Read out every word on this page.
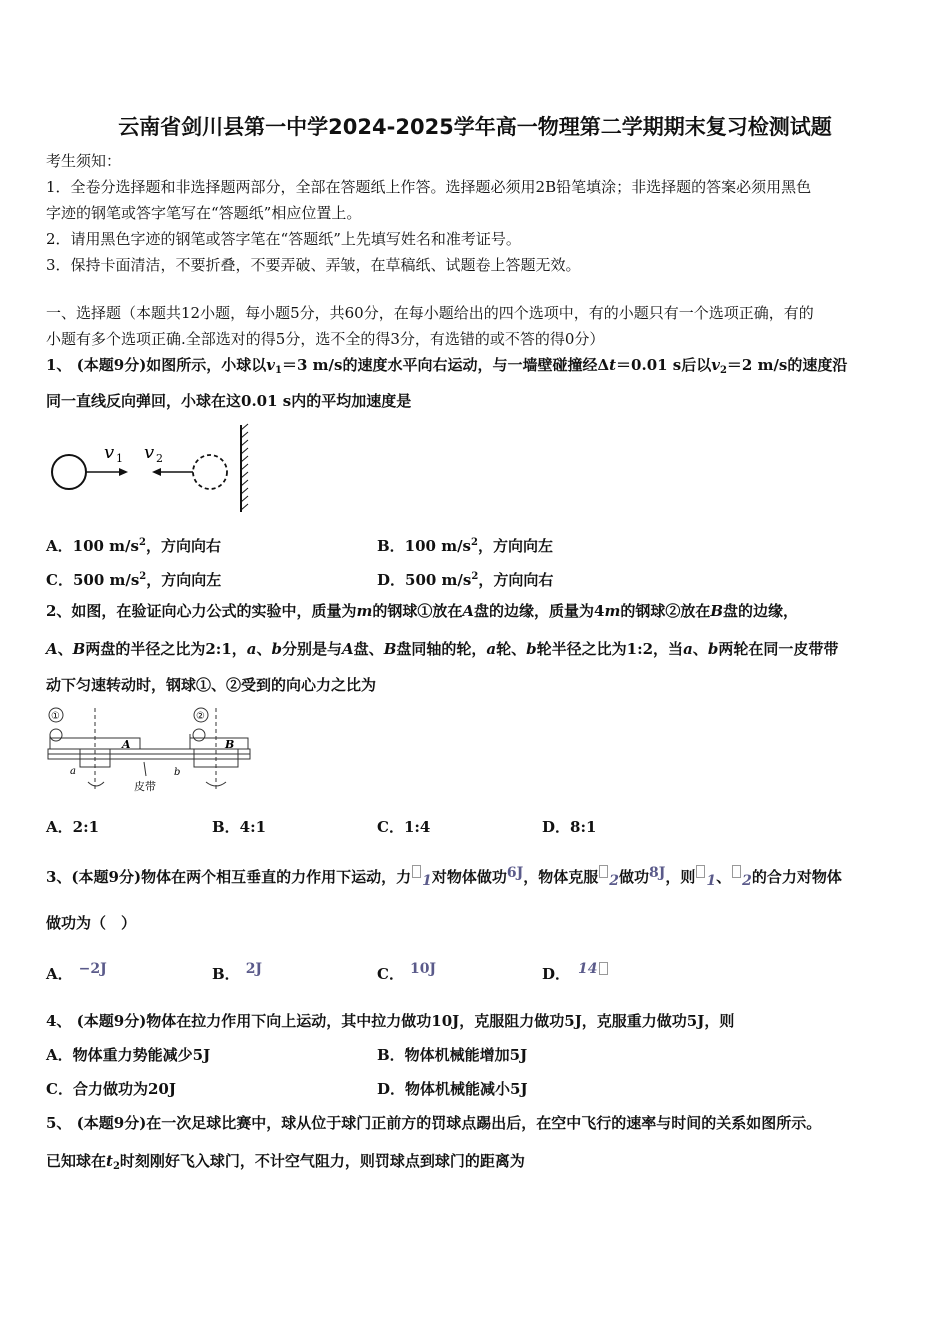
云南省剑川县第一中学2024-2025学年高一物理第二学期期末复习检测试题
考生须知：
1．全卷分选择题和非选择题两部分，全部在答题纸上作答。选择题必须用2B铅笔填涂；非选择题的答案必须用黑色
字迹的钢笔或答字笔写在“答题纸”相应位置上。
2．请用黑色字迹的钢笔或答字笔在“答题纸”上先填写姓名和准考证号。
3．保持卡面清洁，不要折叠，不要弄破、弄皱，在草稿纸、试题卷上答题无效。
一、选择题（本题共12小题，每小题5分，共60分，在每小题给出的四个选项中，有的小题只有一个选项正确，有的
小题有多个选项正确.全部选对的得5分，选不全的得3分，有选错的或不答的得0分）
1、 (本题9分)如图所示，小球以$v_1=3$ m/s的速度水平向右运动，与一墙壁碰撞经Δt＝0.01 s后以$v_2=2$ m/s的速度沿
同一直线反向弹回，小球在这0.01 s内的平均加速度是
v 1 v 2
A．100 $m/s^2$，方向向右	B．100 $m/s^2$，方向向左
C．500 $m/s^2$，方向向左	D．500 $m/s^2$，方向向右
2、如图，在验证向心力公式的实验中，质量为m的钢球①放在A盘的边缘，质量为4m的钢球②放在B盘的边缘，
A、B两盘的半径之比为2:1，a、b分别是与A盘、B盘同轴的轮，a轮、b轮半径之比为1:2，当a、b两轮在同一皮带带
动下匀速转动时，钢球①、②受到的向心力之比为
①	②
A	B
a	b
皮带
A．2:1	B．4:1	C．1:4	D．8:1
3、(本题9分)物体在两个相互垂直的力作用下运动，力 1对物体做功6J，物体克服 2做功8J，则 1、 2的合力对物体
做功为（　）
A． −2J	B． 2J	C． 10J	D． 14
4、 (本题9分)物体在拉力作用下向上运动，其中拉力做功10J，克服阻力做功5J，克服重力做功5J，则
A．物体重力势能减少5J	B．物体机械能增加5J
C．合力做功为20J	D．物体机械能减小5J
5、 (本题9分)在一次足球比赛中，球从位于球门正前方的罚球点踢出后，在空中飞行的速率与时间的关系如图所示。
已知球在$t_2$时刻刚好飞入球门，不计空气阻力，则罚球点到球门的距离为
